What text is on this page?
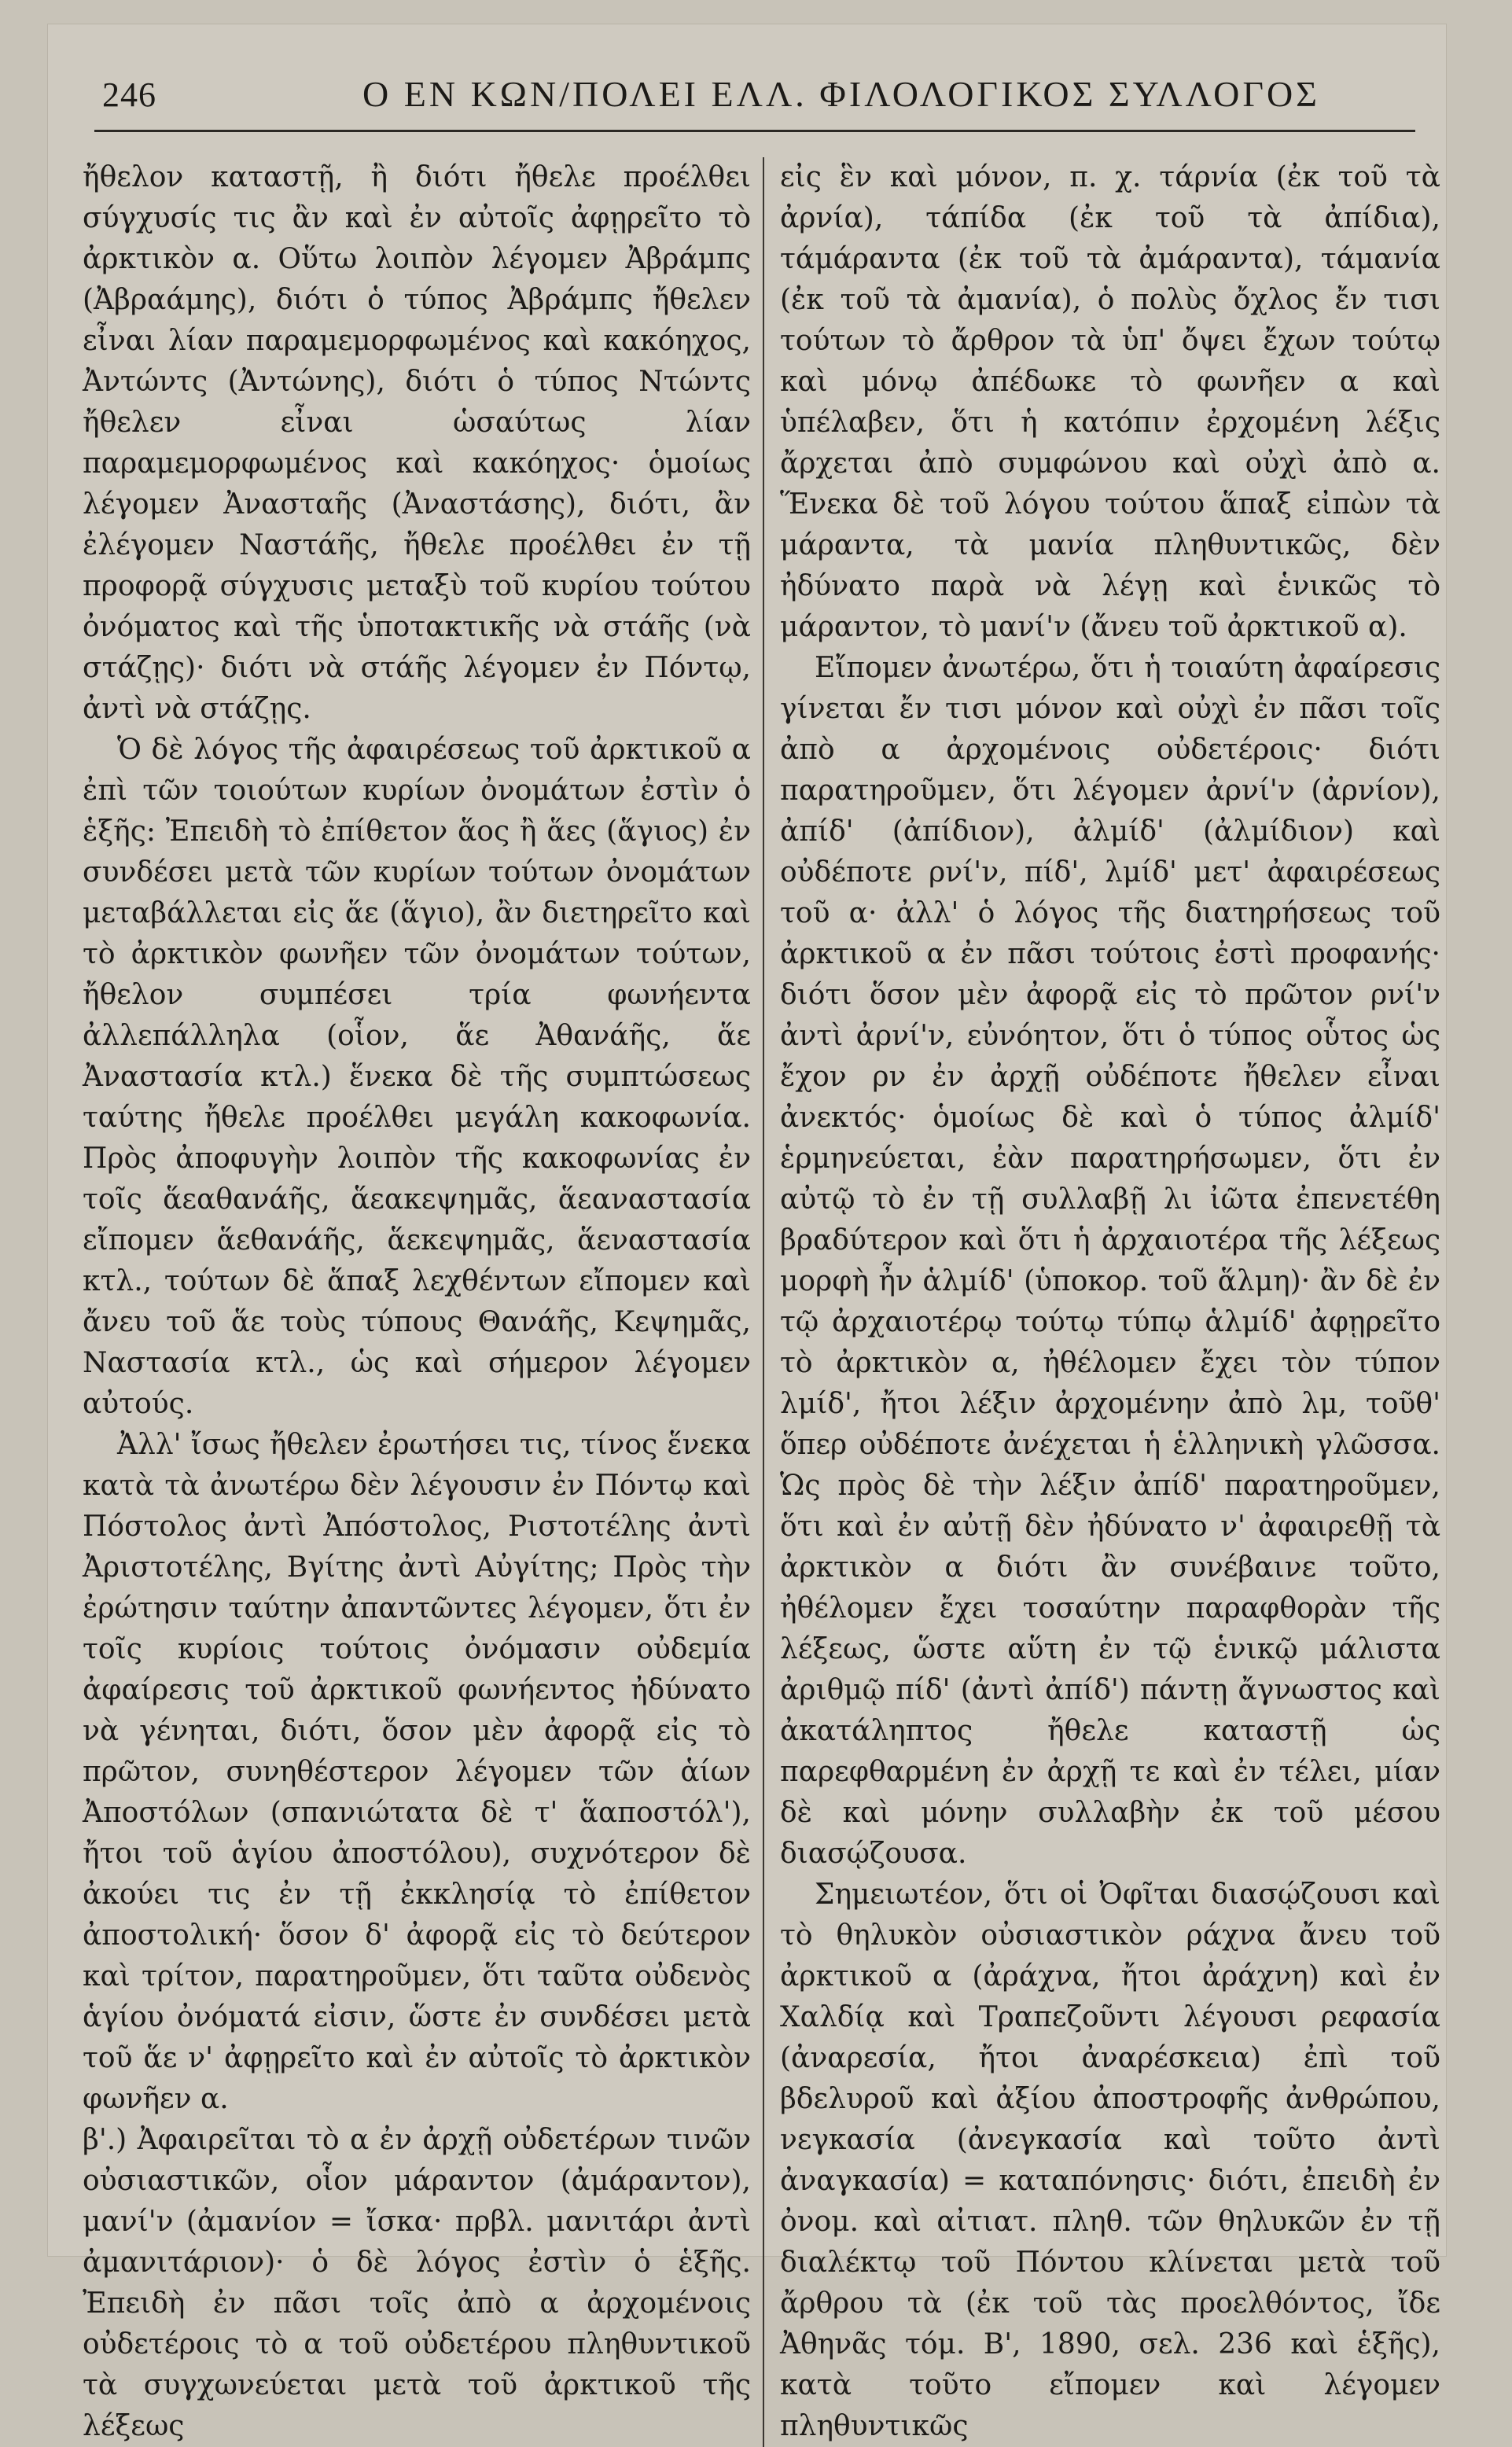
246	Ο ΕΝ ΚΩΝ/ΠΟΛΕΙ ΕΛΛ. ΦΙΛΟΛΟΓΙΚΟΣ ΣΥΛΛΟΓΟΣ

ἤθελον καταστῇ, ἢ διότι ἤθελε προέλθει σύγχυσίς τις ἂν καὶ ἐν αὐτοῖς ἀφῃρεῖτο τὸ ἀρκτικὸν α. Οὕτω λοιπὸν λέγομεν Ἀβράμπς (Ἀβραάμης), διότι ὁ τύπος Ἀβράμπς ἤθελεν εἶναι λίαν παραμεμορφωμένος καὶ κακόηχος, Ἀντώντς (Ἀντώνης), διότι ὁ τύπος Ντώντς ἤθελεν εἶναι ὡσαύτως λίαν παραμεμορφωμένος καὶ κακόηχος· ὁμοίως λέγομεν Ἀνασταῆς (Ἀναστάσης), διότι, ἂν ἐλέγομεν Ναστάῆς, ἤθελε προέλθει ἐν τῇ προφορᾷ σύγχυσις μεταξὺ τοῦ κυρίου τούτου ὀνόματος καὶ τῆς ὑποτακτικῆς νὰ στάῆς (νὰ στάζῃς)· διότι νὰ στάῆς λέγομεν ἐν Πόντῳ, ἀντὶ νὰ στάζῃς.

Ὁ δὲ λόγος τῆς ἀφαιρέσεως τοῦ ἀρκτικοῦ α ἐπὶ τῶν τοιούτων κυρίων ὀνομάτων ἐστὶν ὁ ἑξῆς: Ἐπειδὴ τὸ ἐπίθετον ἅος ἢ ἅες (ἅγιος) ἐν συνδέσει μετὰ τῶν κυρίων τούτων ὀνομάτων μεταβάλλεται εἰς ἅε (ἅγιο), ἂν διετηρεῖτο καὶ τὸ ἀρκτικὸν φωνῆεν τῶν ὀνομάτων τούτων, ἤθελον συμπέσει τρία φωνήεντα ἀλλεπάλληλα (οἷον, ἅε Ἀθανάῆς, ἅε Ἀναστασία κτλ.) ἕνεκα δὲ τῆς συμπτώσεως ταύτης ἤθελε προέλθει μεγάλη κακοφωνία. Πρὸς ἀποφυγὴν λοιπὸν τῆς κακοφωνίας ἐν τοῖς ἅεαθανάῆς, ἅεακεψημᾶς, ἅεαναστασία εἴπομεν ἅεθανάῆς, ἅεκεψημᾶς, ἅεναστασία κτλ., τούτων δὲ ἅπαξ λεχθέντων εἴπομεν καὶ ἄνευ τοῦ ἅε τοὺς τύπους Θανάῆς, Κεψημᾶς, Ναστασία κτλ., ὡς καὶ σήμερον λέγομεν αὐτούς.

Ἀλλ' ἴσως ἤθελεν ἐρωτήσει τις, τίνος ἕνεκα κατὰ τὰ ἀνωτέρω δὲν λέγουσιν ἐν Πόντῳ καὶ Πόστολος ἀντὶ Ἀπόστολος, Ριστοτέλης ἀντὶ Ἀριστοτέλης, Βγίτης ἀντὶ Αὐγίτης; Πρὸς τὴν ἐρώτησιν ταύτην ἀπαντῶντες λέγομεν, ὅτι ἐν τοῖς κυρίοις τούτοις ὀνόμασιν οὐδεμία ἀφαίρεσις τοῦ ἀρκτικοῦ φωνήεντος ἠδύνατο νὰ γένηται, διότι, ὅσον μὲν ἀφορᾷ εἰς τὸ πρῶτον, συνηθέστερον λέγομεν τῶν ἁίων Ἀποστόλων (σπανιώτατα δὲ τ' ἅαποστόλ'), ἤτοι τοῦ ἁγίου ἀποστόλου), συχνότερον δὲ ἀκούει τις ἐν τῇ ἐκκλησίᾳ τὸ ἐπίθετον ἀποστολική· ὅσον δ' ἀφορᾷ εἰς τὸ δεύτερον καὶ τρίτον, παρατηροῦμεν, ὅτι ταῦτα οὐδενὸς ἁγίου ὀνόματά εἰσιν, ὥστε ἐν συνδέσει μετὰ τοῦ ἅε ν' ἀφῃρεῖτο καὶ ἐν αὐτοῖς τὸ ἀρκτικὸν φωνῆεν α.

β'.) Ἀφαιρεῖται τὸ α ἐν ἀρχῇ οὐδετέρων τινῶν οὐσιαστικῶν, οἷον μάραντον (ἀμάραντον), μανί'ν (ἀμανίον = ἴσκα· πρβλ. μανιτάρι ἀντὶ ἀμανιτάριον)· ὁ δὲ λόγος ἐστὶν ὁ ἑξῆς. Ἐπειδὴ ἐν πᾶσι τοῖς ἀπὸ α ἀρχομένοις οὐδετέροις τὸ α τοῦ οὐδετέρου πληθυντικοῦ τὰ συγχωνεύεται μετὰ τοῦ ἀρκτικοῦ τῆς λέξεως

εἰς ἓν καὶ μόνον, π. χ. τάρνία (ἐκ τοῦ τὰ ἀρνία), τάπίδα (ἐκ τοῦ τὰ ἀπίδια), τάμάραντα (ἐκ τοῦ τὰ ἀμάραντα), τάμανία (ἐκ τοῦ τὰ ἀμανία), ὁ πολὺς ὄχλος ἔν τισι τούτων τὸ ἄρθρον τὰ ὑπ' ὄψει ἔχων τούτῳ καὶ μόνῳ ἀπέδωκε τὸ φωνῆεν α καὶ ὑπέλαβεν, ὅτι ἡ κατόπιν ἐρχομένη λέξις ἄρχεται ἀπὸ συμφώνου καὶ οὐχὶ ἀπὸ α. Ἕνεκα δὲ τοῦ λόγου τούτου ἅπαξ εἰπὼν τὰ μάραντα, τὰ μανία πληθυντικῶς, δὲν ἠδύνατο παρὰ νὰ λέγῃ καὶ ἑνικῶς τὸ μάραντον, τὸ μανί'ν (ἄνευ τοῦ ἀρκτικοῦ α).

Εἴπομεν ἀνωτέρω, ὅτι ἡ τοιαύτη ἀφαίρεσις γίνεται ἔν τισι μόνον καὶ οὐχὶ ἐν πᾶσι τοῖς ἀπὸ α ἀρχομένοις οὐδετέροις· διότι παρατηροῦμεν, ὅτι λέγομεν ἀρνί'ν (ἀρνίον), ἀπίδ' (ἀπίδιον), ἀλμίδ' (ἀλμίδιον) καὶ οὐδέποτε ρνί'ν, πίδ', λμίδ' μετ' ἀφαιρέσεως τοῦ α· ἀλλ' ὁ λόγος τῆς διατηρήσεως τοῦ ἀρκτικοῦ α ἐν πᾶσι τούτοις ἐστὶ προφανής· διότι ὅσον μὲν ἀφορᾷ εἰς τὸ πρῶτον ρνί'ν ἀντὶ ἀρνί'ν, εὐνόητον, ὅτι ὁ τύπος οὗτος ὡς ἔχον ρν ἐν ἀρχῇ οὐδέποτε ἤθελεν εἶναι ἀνεκτός· ὁμοίως δὲ καὶ ὁ τύπος ἀλμίδ' ἑρμηνεύεται, ἐὰν παρατηρήσωμεν, ὅτι ἐν αὐτῷ τὸ ἐν τῇ συλλαβῇ λι ἰῶτα ἐπενετέθη βραδύτερον καὶ ὅτι ἡ ἀρχαιοτέρα τῆς λέξεως μορφὴ ἦν ἁλμίδ' (ὑποκορ. τοῦ ἅλμη)· ἂν δὲ ἐν τῷ ἀρχαιοτέρῳ τούτῳ τύπῳ ἁλμίδ' ἀφῃρεῖτο τὸ ἀρκτικὸν α, ἠθέλομεν ἔχει τὸν τύπον λμίδ', ἤτοι λέξιν ἀρχομένην ἀπὸ λμ, τοῦθ' ὅπερ οὐδέποτε ἀνέχεται ἡ ἑλληνικὴ γλῶσσα. Ὡς πρὸς δὲ τὴν λέξιν ἀπίδ' παρατηροῦμεν, ὅτι καὶ ἐν αὐτῇ δὲν ἠδύνατο ν' ἀφαιρεθῇ τὰ ἀρκτικὸν α διότι ἂν συνέβαινε τοῦτο, ἠθέλομεν ἔχει τοσαύτην παραφθορὰν τῆς λέξεως, ὥστε αὕτη ἐν τῷ ἑνικῷ μάλιστα ἀριθμῷ πίδ' (ἀντὶ ἀπίδ') πάντῃ ἄγνωστος καὶ ἀκατάληπτος ἤθελε καταστῇ ὡς παρεφθαρμένη ἐν ἀρχῇ τε καὶ ἐν τέλει, μίαν δὲ καὶ μόνην συλλαβὴν ἐκ τοῦ μέσου διασῴζουσα.

Σημειωτέον, ὅτι οἱ Ὀφῖται διασῴζουσι καὶ τὸ θηλυκὸν οὐσιαστικὸν ράχνα ἄνευ τοῦ ἀρκτικοῦ α (ἀράχνα, ἤτοι ἀράχνη) καὶ ἐν Χαλδίᾳ καὶ Τραπεζοῦντι λέγουσι ρεφασία (ἀναρεσία, ἤτοι ἀναρέσκεια) ἐπὶ τοῦ βδελυροῦ καὶ ἀξίου ἀποστροφῆς ἀνθρώπου, νεγκασία (ἀνεγκασία καὶ τοῦτο ἀντὶ ἀναγκασία) = καταπόνησις· διότι, ἐπειδὴ ἐν ὀνομ. καὶ αἰτιατ. πληθ. τῶν θηλυκῶν ἐν τῇ διαλέκτῳ τοῦ Πόντου κλίνεται μετὰ τοῦ ἄρθρου τὰ (ἐκ τοῦ τὰς προελθόντος, ἴδε Ἀθηνᾶς τόμ. Β', 1890, σελ. 236 καὶ ἑξῆς), κατὰ τοῦτο εἴπομεν καὶ λέγομεν πληθυντικῶς
